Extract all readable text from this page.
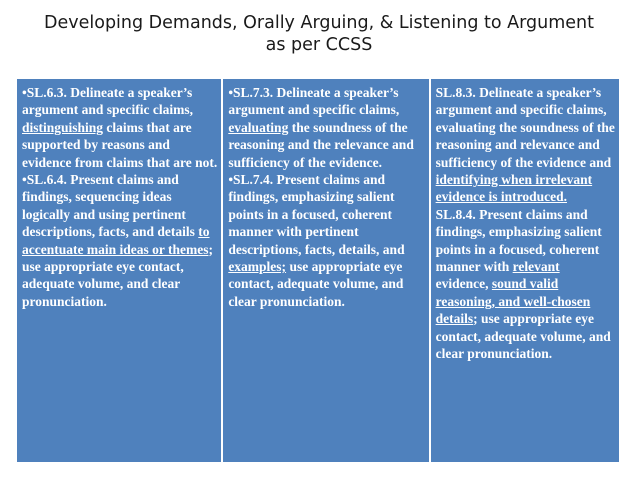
Developing Demands, Orally Arguing, & Listening to Argument
as per CCSS
•SL.6.3. Delineate a speaker’s argument and specific claims, distinguishing claims that are supported by reasons and evidence from claims that are not.
•SL.6.4. Present claims and findings, sequencing ideas logically and using pertinent descriptions, facts, and details to accentuate main ideas or themes; use appropriate eye contact, adequate volume, and clear pronunciation.
•SL.7.3. Delineate a speaker’s argument and specific claims, evaluating the soundness of the reasoning and the relevance and sufficiency of the evidence.
•SL.7.4. Present claims and findings, emphasizing salient points in a focused, coherent manner with pertinent descriptions, facts, details, and examples; use appropriate eye contact, adequate volume, and clear pronunciation.
SL.8.3. Delineate a speaker’s argument and specific claims, evaluating the soundness of the reasoning and relevance and sufficiency of the evidence and identifying when irrelevant evidence is introduced.
SL.8.4. Present claims and findings, emphasizing salient points in a focused, coherent manner with relevant evidence, sound valid reasoning, and well-chosen details; use appropriate eye contact, adequate volume, and clear pronunciation.
